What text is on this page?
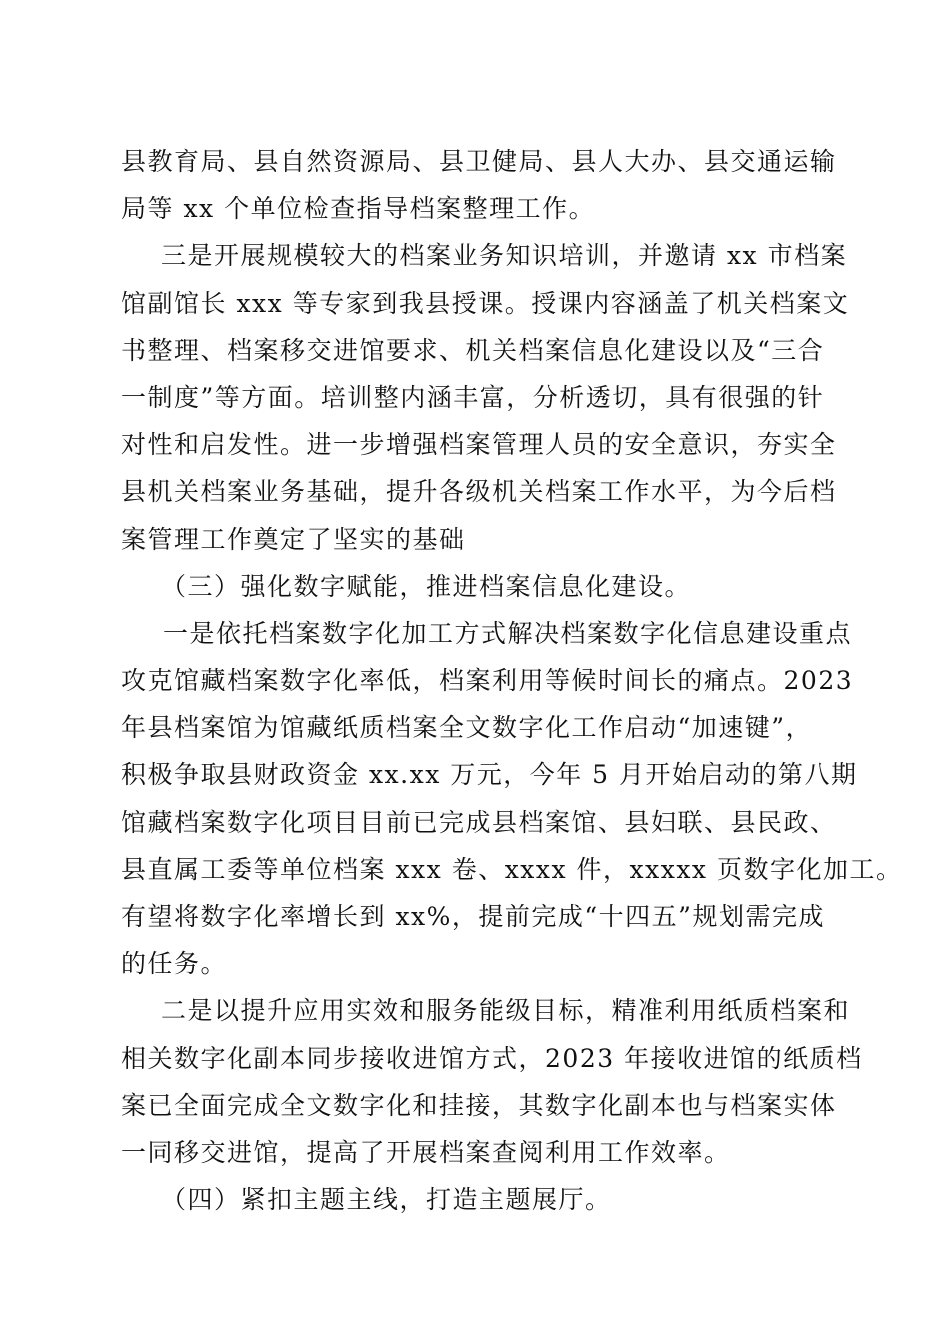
县教育局、县自然资源局、县卫健局、县人大办、县交通运输
局等 xx 个单位检查指导档案整理工作。

三是开展规模较大的档案业务知识培训，并邀请 xx 市档案
馆副馆长 xxx 等专家到我县授课。授课内容涵盖了机关档案文
书整理、档案移交进馆要求、机关档案信息化建设以及“三合
一制度”等方面。培训整内涵丰富，分析透切，具有很强的针
对性和启发性。进一步增强档案管理人员的安全意识，夯实全
县机关档案业务基础，提升各级机关档案工作水平，为今后档
案管理工作奠定了坚实的基础

（三）强化数字赋能，推进档案信息化建设。

一是依托档案数字化加工方式解决档案数字化信息建设重点
攻克馆藏档案数字化率低，档案利用等候时间长的痛点。2023
年县档案馆为馆藏纸质档案全文数字化工作启动“加速键”，
积极争取县财政资金 xx.xx 万元，今年 5 月开始启动的第八期
馆藏档案数字化项目目前已完成县档案馆、县妇联、县民政、
县直属工委等单位档案 xxx 卷、xxxx 件，xxxxx 页数字化加工。
有望将数字化率增长到 xx%，提前完成“十四五”规划需完成
的任务。

二是以提升应用实效和服务能级目标，精准利用纸质档案和
相关数字化副本同步接收进馆方式，2023 年接收进馆的纸质档
案已全面完成全文数字化和挂接，其数字化副本也与档案实体
一同移交进馆，提高了开展档案查阅利用工作效率。

（四）紧扣主题主线，打造主题展厅。
